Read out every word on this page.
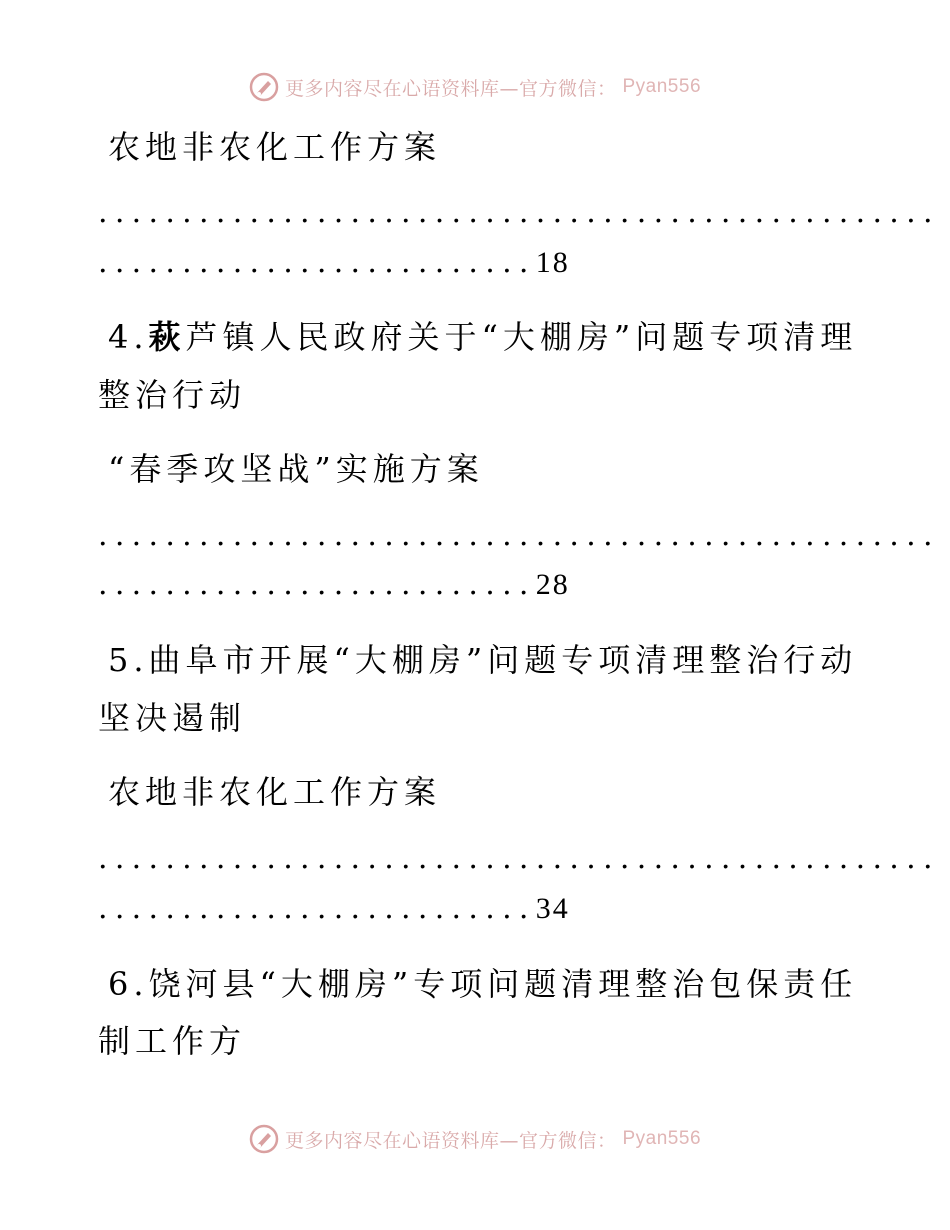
更多内容尽在心语资料库—官方微信： Pyan556
农地非农化工作方案
..................................................
..........................18
4.萩芦镇人民政府关于“大棚房”问题专项清理
整治行动
“春季攻坚战”实施方案
..................................................
..........................28
5.曲阜市开展“大棚房”问题专项清理整治行动
坚决遏制
农地非农化工作方案
..................................................
..........................34
6.饶河县“大棚房”专项问题清理整治包保责任
制工作方
更多内容尽在心语资料库—官方微信： Pyan556
